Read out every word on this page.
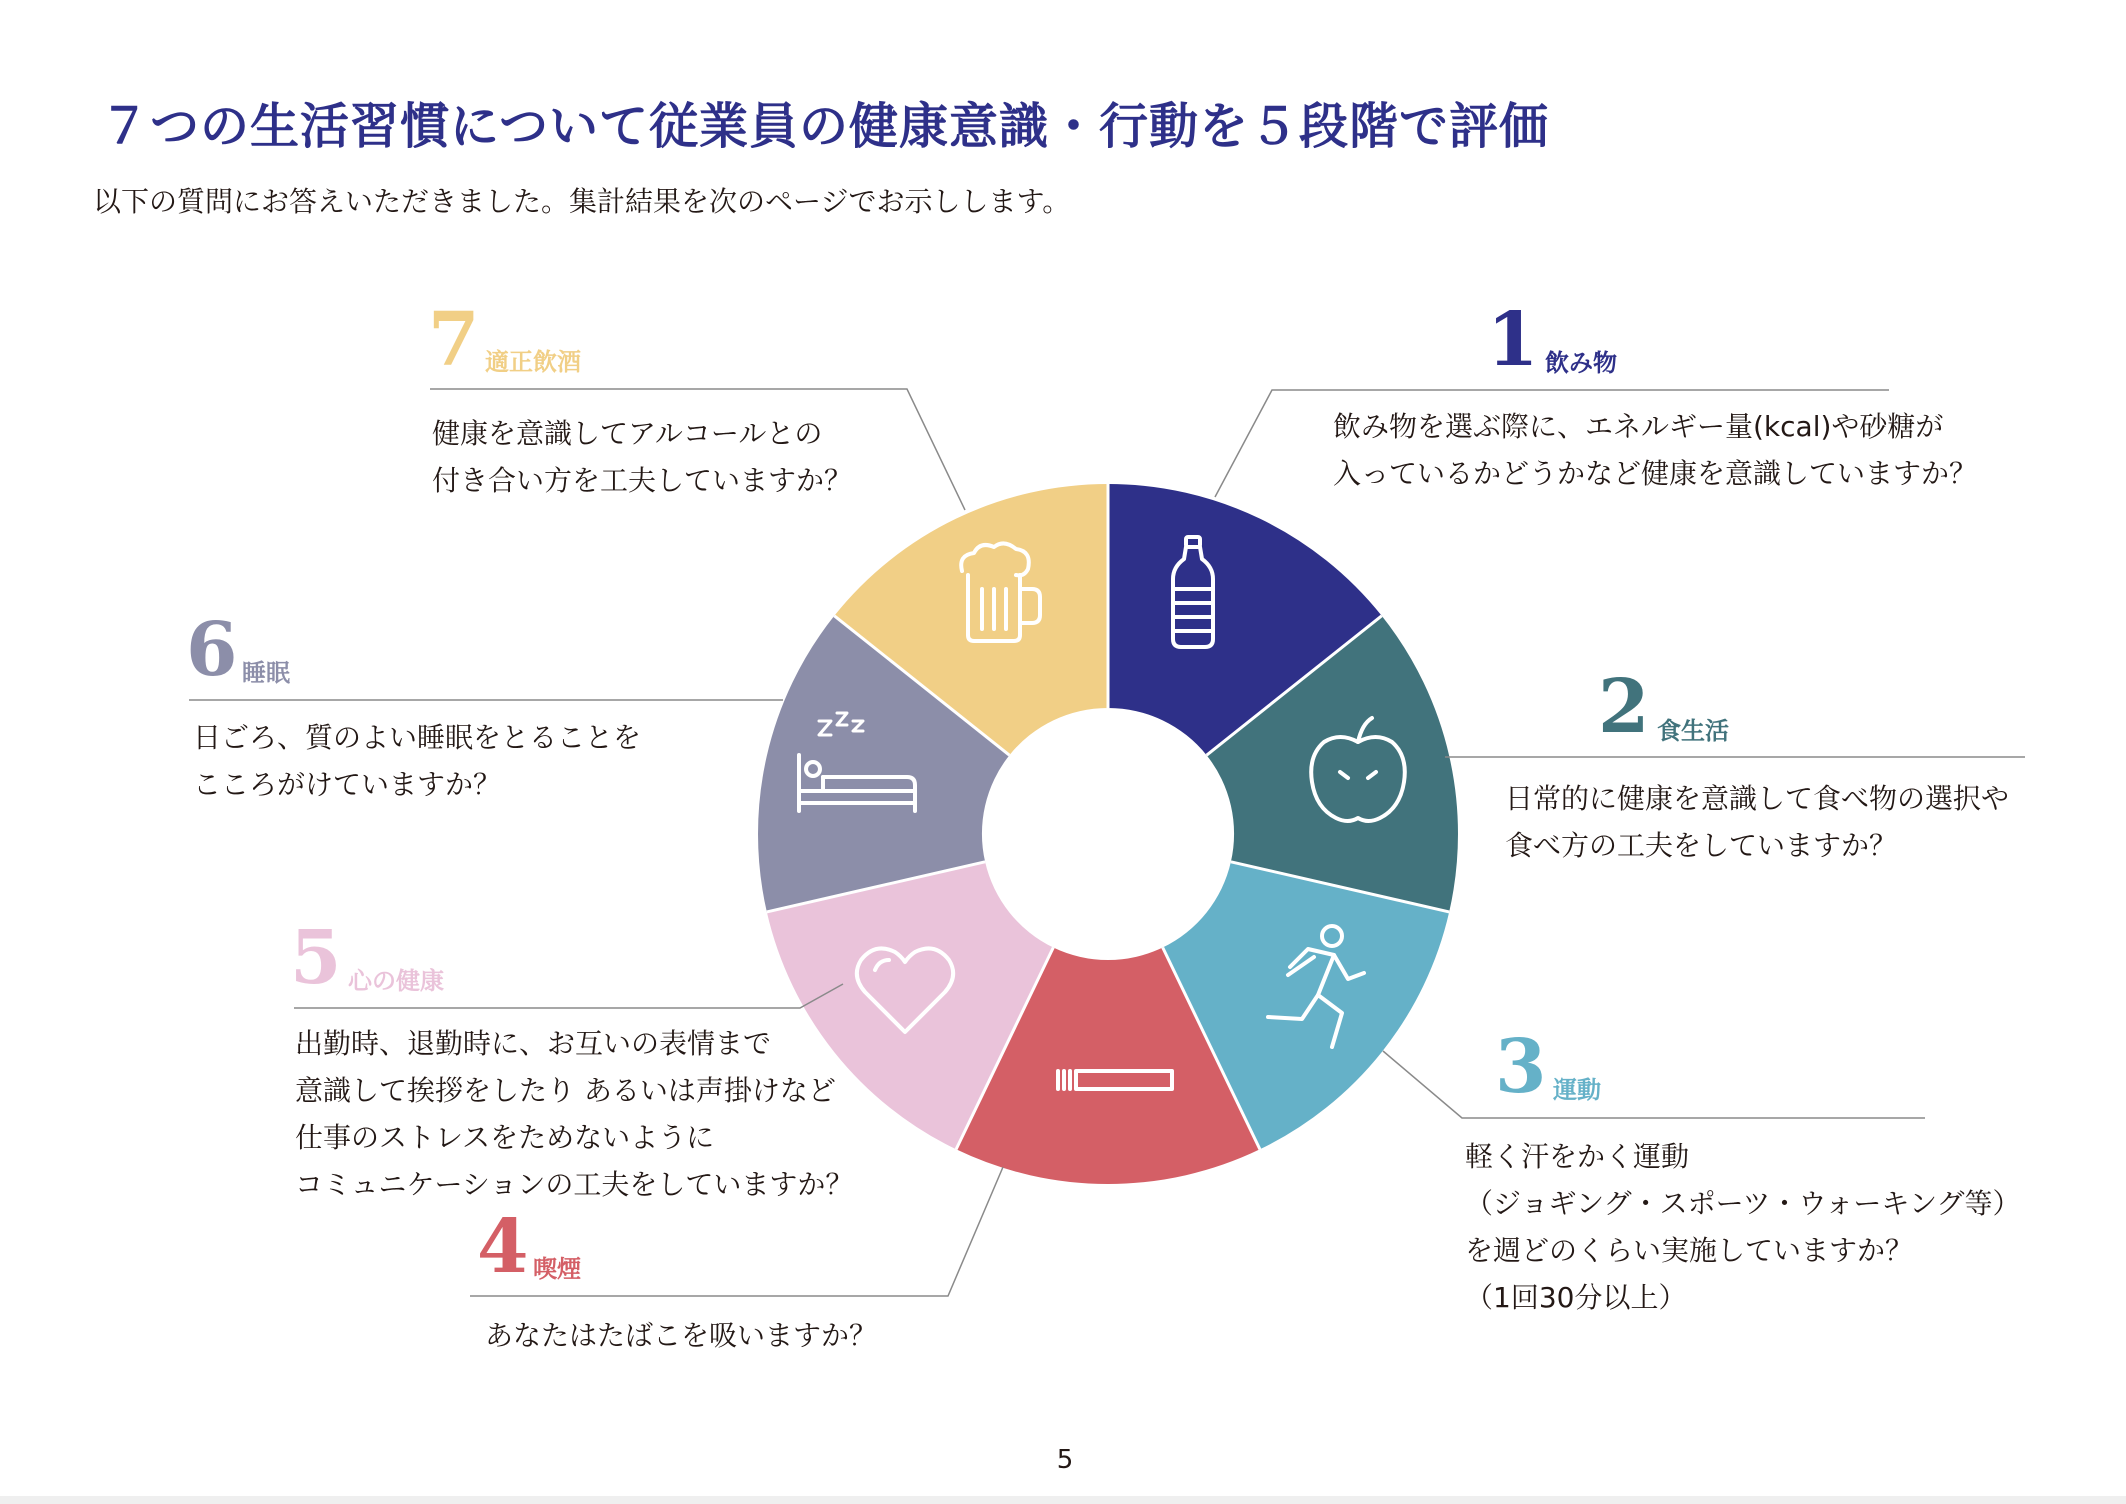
７つの生活習慣について従業員の健康意識・行動を５段階で評価
以下の質問にお答えいただきました。集計結果を次のページでお示しします。
1 飲み物
飲み物を選ぶ際に、エネルギー量(kcal)や砂糖が
入っているかどうかなど健康を意識していますか？
2 食生活
日常的に健康を意識して食べ物の選択や
食べ方の工夫をしていますか？
3 運動
軽く汗をかく運動
（ジョギング・スポーツ・ウォーキング等）
を週どのくらい実施していますか？
（1回30分以上）
4 喫煙
あなたはたばこを吸いますか？
5 心の健康
出勤時、退勤時に、お互いの表情まで
意識して挨拶をしたり あるいは声掛けなど
仕事のストレスをためないように
コミュニケーションの工夫をしていますか？
6 睡眠
日ごろ、質のよい睡眠をとることを
こころがけていますか？
7 適正飲酒
健康を意識してアルコールとの
付き合い方を工夫していますか？
5
